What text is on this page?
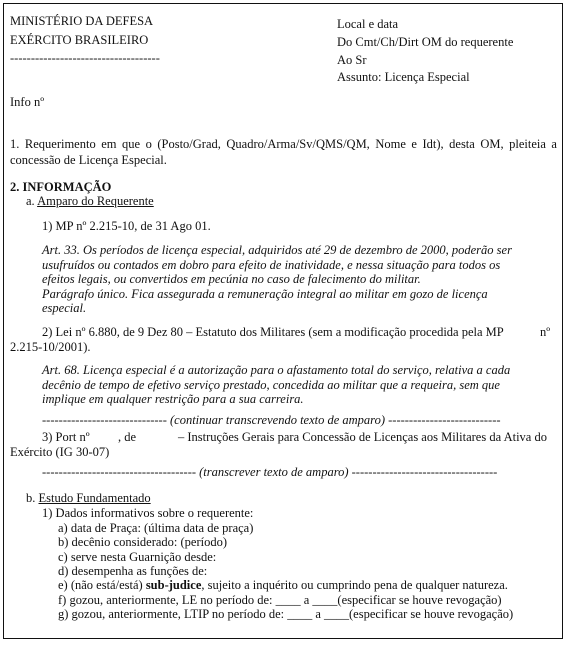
MINISTÉRIO DA DEFESA
EXÉRCITO BRASILEIRO
------------------------------------
Local e data
Do Cmt/Ch/Dirt OM do requerente
Ao Sr
Assunto: Licença Especial
Info nº
1. Requerimento em que o (Posto/Grad, Quadro/Arma/Sv/QMS/QM, Nome e Idt), desta OM, pleiteia a
concessão de Licença Especial.
2. INFORMAÇÃO
a. Amparo do Requerente
1) MP nº 2.215-10, de 31 Ago 01.
Art. 33. Os períodos de licença especial, adquiridos até 29 de dezembro de 2000, poderão ser
usufruídos ou contados em dobro para efeito de inatividade, e nessa situação para todos os
efeitos legais, ou convertidos em pecúnia no caso de falecimento do militar.
Parágrafo único. Fica assegurada a remuneração integral ao militar em gozo de licença
especial.
2) Lei nº 6.880, de 9 Dez 80 – Estatuto dos Militares (sem a modificação procedida pela MP	nº
2.215-10/2001).
Art. 68. Licença especial é a autorização para o afastamento total do serviço, relativa a cada
decênio de tempo de efetivo serviço prestado, concedida ao militar que a requeira, sem que
implique em qualquer restrição para a sua carreira.
------------------------------ (continuar transcrevendo texto de amparo) ---------------------------
3) Port nº , de	– Instruções Gerais para Concessão de Licenças aos Militares da Ativa do
Exército (IG 30-07)
------------------------------------- (transcrever texto de amparo) -----------------------------------
b. Estudo Fundamentado
1) Dados informativos sobre o requerente:
a) data de Praça: (última data de praça)
b) decênio considerado: (período)
c) serve nesta Guarnição desde:
d) desempenha as funções de:
e) (não está/está) sub-judice, sujeito a inquérito ou cumprindo pena de qualquer natureza.
f) gozou, anteriormente, LE no período de: ____ a ____(especificar se houve revogação)
g) gozou, anteriormente, LTIP no período de: ____ a ____(especificar se houve revogação)
